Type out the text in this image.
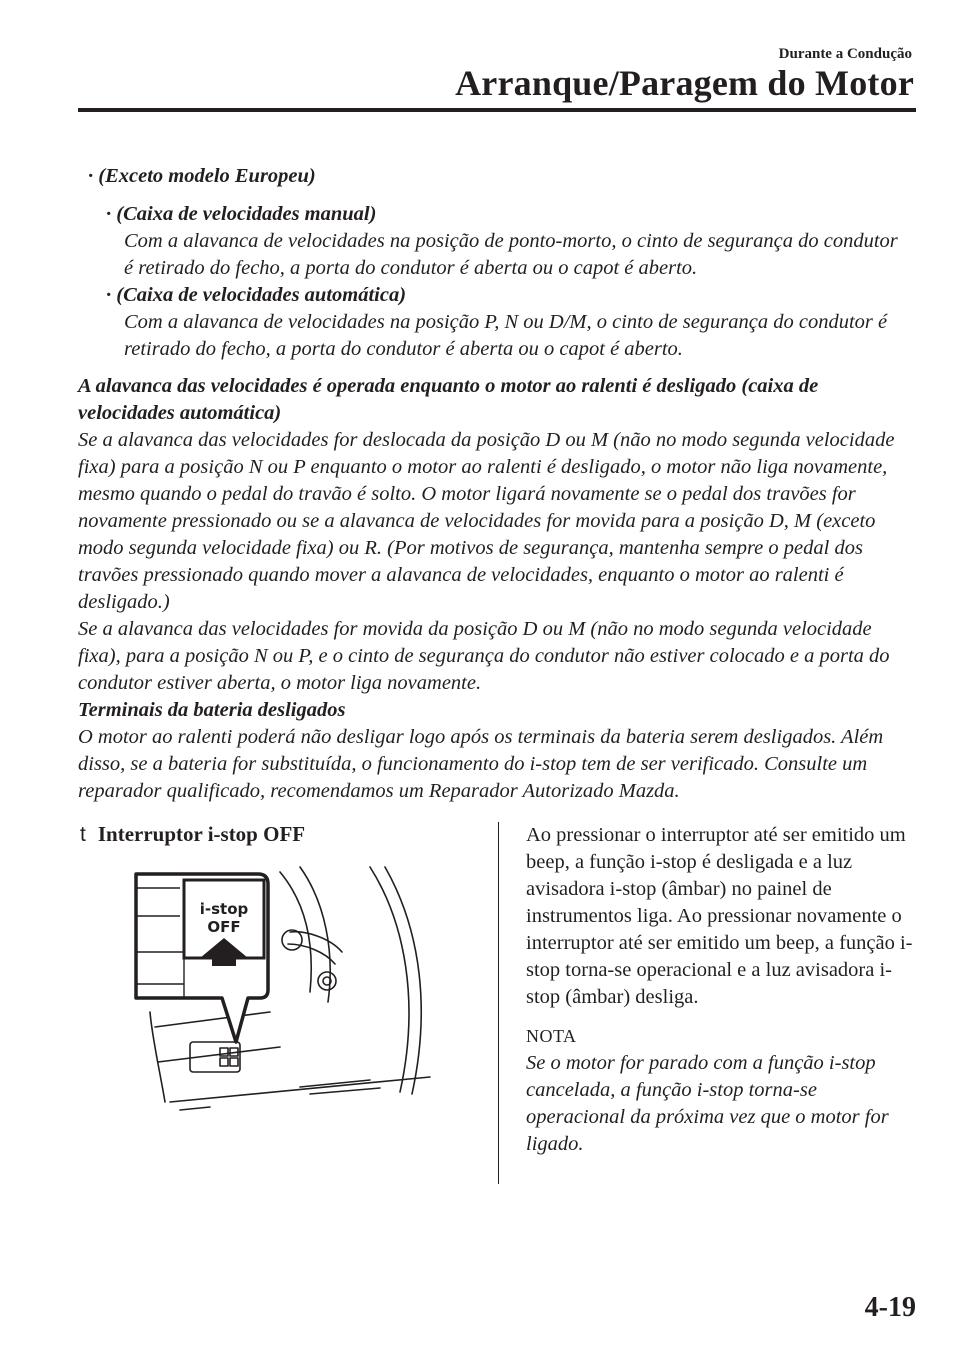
Durante a Condução
Arranque/Paragem do Motor
· (Exceto modelo Europeu)
· (Caixa de velocidades manual)
Com a alavanca de velocidades na posição de ponto-morto, o cinto de segurança do condutor é retirado do fecho, a porta do condutor é aberta ou o capot é aberto.
· (Caixa de velocidades automática)
Com a alavanca de velocidades na posição P, N ou D/M, o cinto de segurança do condutor é retirado do fecho, a porta do condutor é aberta ou o capot é aberto.
A alavanca das velocidades é operada enquanto o motor ao ralenti é desligado (caixa de velocidades automática)
Se a alavanca das velocidades for deslocada da posição D ou M (não no modo segunda velocidade fixa) para a posição N ou P enquanto o motor ao ralenti é desligado, o motor não liga novamente, mesmo quando o pedal do travão é solto. O motor ligará novamente se o pedal dos travões for novamente pressionado ou se a alavanca de velocidades for movida para a posição D, M (exceto modo segunda velocidade fixa) ou R. (Por motivos de segurança, mantenha sempre o pedal dos travões pressionado quando mover a alavanca de velocidades, enquanto o motor ao ralenti é desligado.)
Se a alavanca das velocidades for movida da posição D ou M (não no modo segunda velocidade fixa), para a posição N ou P, e o cinto de segurança do condutor não estiver colocado e a porta do condutor estiver aberta, o motor liga novamente.
Terminais da bateria desligados
O motor ao ralenti poderá não desligar logo após os terminais da bateria serem desligados. Além disso, se a bateria for substituída, o funcionamento do i-stop tem de ser verificado. Consulte um reparador qualificado, recomendamos um Reparador Autorizado Mazda.
t Interruptor i-stop OFF
i-stop
OFF

Ao pressionar o interruptor até ser emitido um beep, a função i-stop é desligada e a luz avisadora i-stop (âmbar) no painel de instrumentos liga. Ao pressionar novamente o interruptor até ser emitido um beep, a função i-stop torna-se operacional e a luz avisadora i-stop (âmbar) desliga.

NOTA

Se o motor for parado com a função i-stop cancelada, a função i-stop torna-se operacional da próxima vez que o motor for ligado.

4-19
